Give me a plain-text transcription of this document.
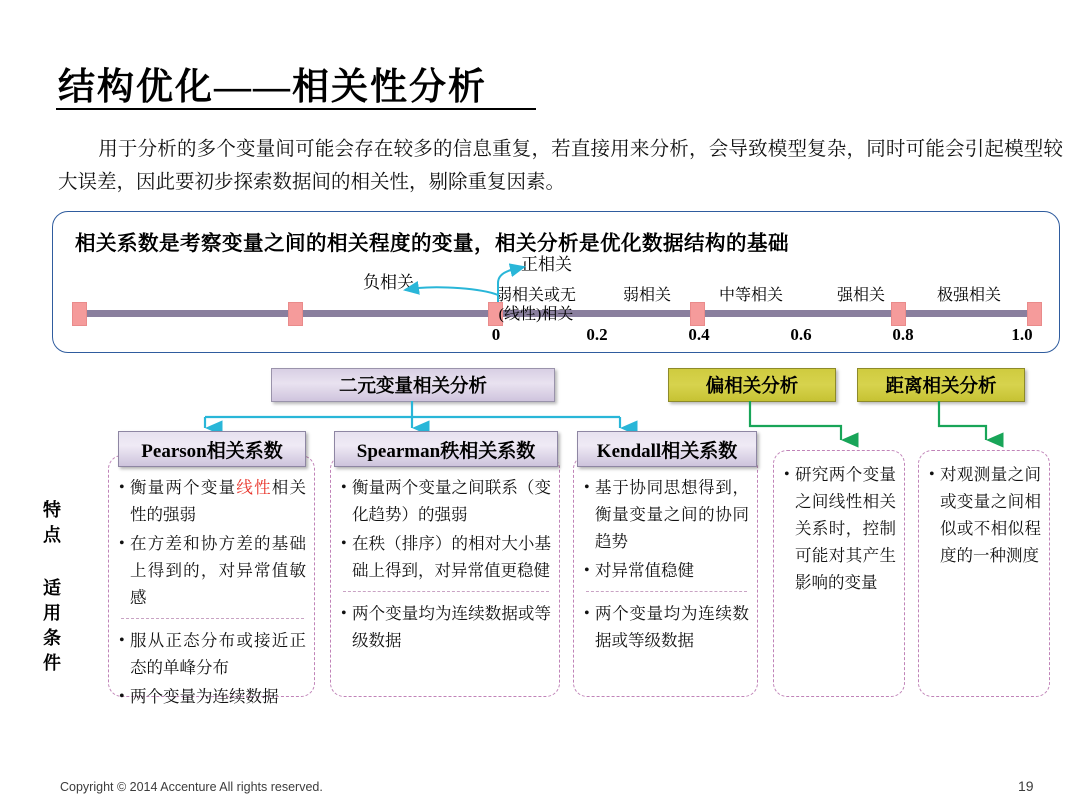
结构优化——相关性分析
用于分析的多个变量间可能会存在较多的信息重复，若直接用来分析，会导致模型复杂，同时可能会引起模型较大误差，因此要初步探索数据间的相关性，剔除重复因素。
相关系数是考察变量之间的相关程度的变量，相关分析是优化数据结构的基础
负相关
正相关
0	0.2	0.4	0.6	0.8	1.0
弱相关或无
(线性)相关
弱相关	中等相关	强相关	极强相关
二元变量相关分析	偏相关分析	距离相关分析
特点
适用条件
• 衡量两个变量线性相关性的强弱
• 在方差和协方差的基础上得到的，对异常值敏感
• 服从正态分布或接近正态的单峰分布
• 两个变量为连续数据
Pearson相关系数
• 衡量两个变量之间联系（变化趋势）的强弱
• 在秩（排序）的相对大小基础上得到，对异常值更稳健
• 两个变量均为连续数据或等级数据
Spearman秩相关系数
• 基于协同思想得到，衡量变量之间的协同趋势
• 对异常值稳健
• 两个变量均为连续数据或等级数据
Kendall相关系数
• 研究两个变量之间线性相关关系时，控制可能对其产生影响的变量
• 对观测量之间或变量之间相似或不相似程度的一种测度
Copyright © 2014 Accenture All rights reserved.	19
